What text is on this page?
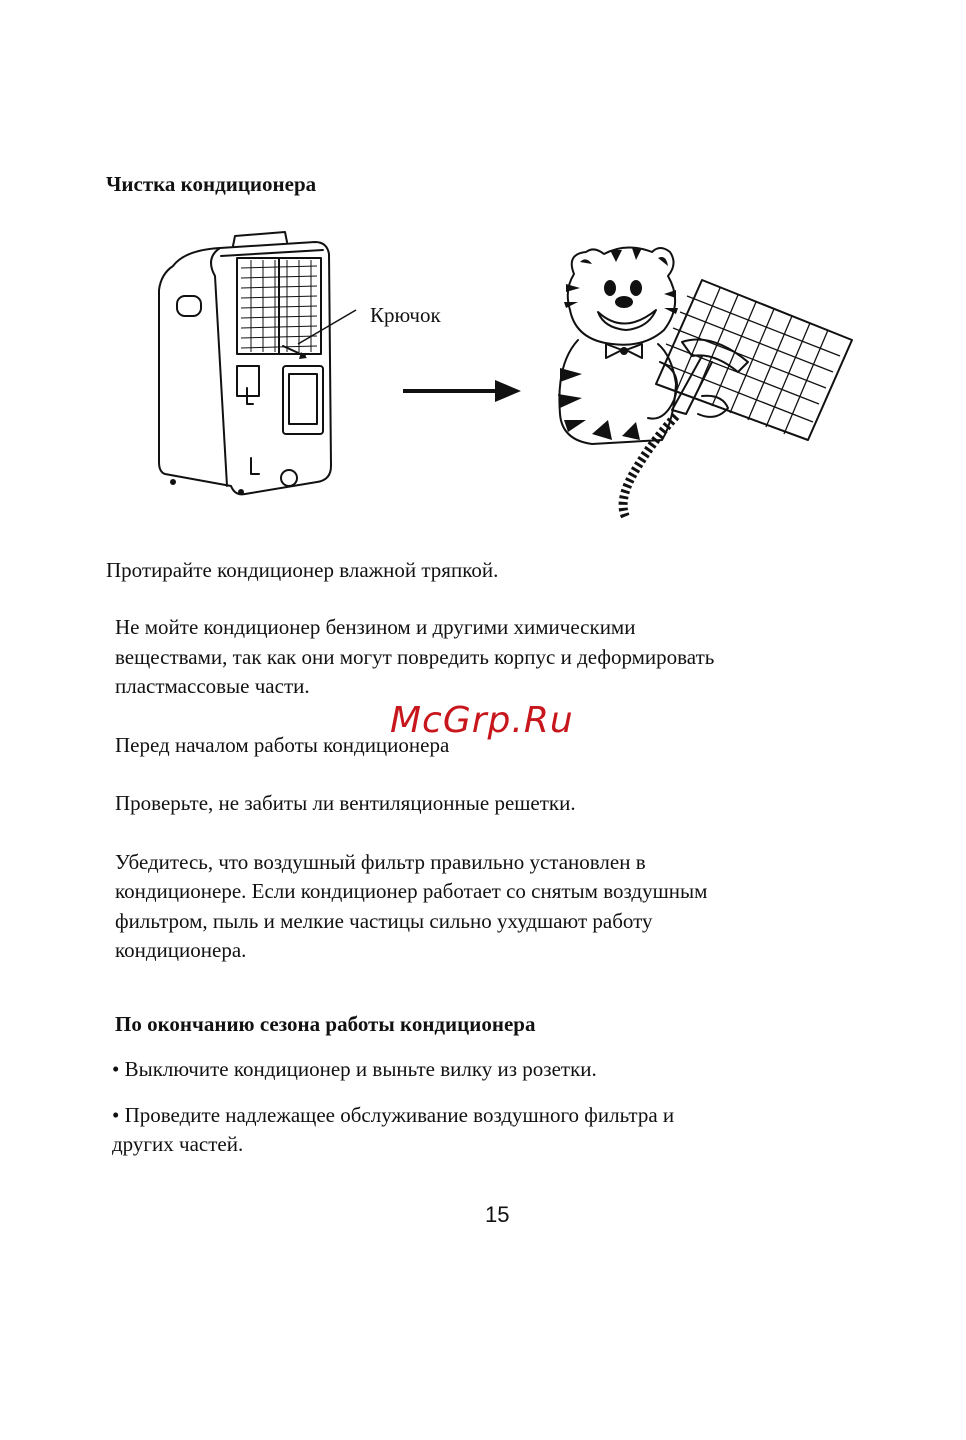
Чистка кондиционера
Крючок
Протирайте кондиционер влажной тряпкой.
Не мойте кондиционер бензином и другими химическими
веществами, так как они могут повредить корпус и деформировать
пластмассовые части.
Перед началом работы кондиционера
Проверьте, не забиты ли вентиляционные решетки.
Убедитесь, что воздушный фильтр правильно установлен в
кондиционере. Если кондиционер работает со снятым воздушным
фильтром, пыль и мелкие частицы сильно ухудшают работу
кондиционера.
По окончанию сезона работы кондиционера
• Выключите кондиционер и выньте вилку из розетки.
• Проведите надлежащее обслуживание воздушного фильтра и
других частей.
McGrp.Ru
15
